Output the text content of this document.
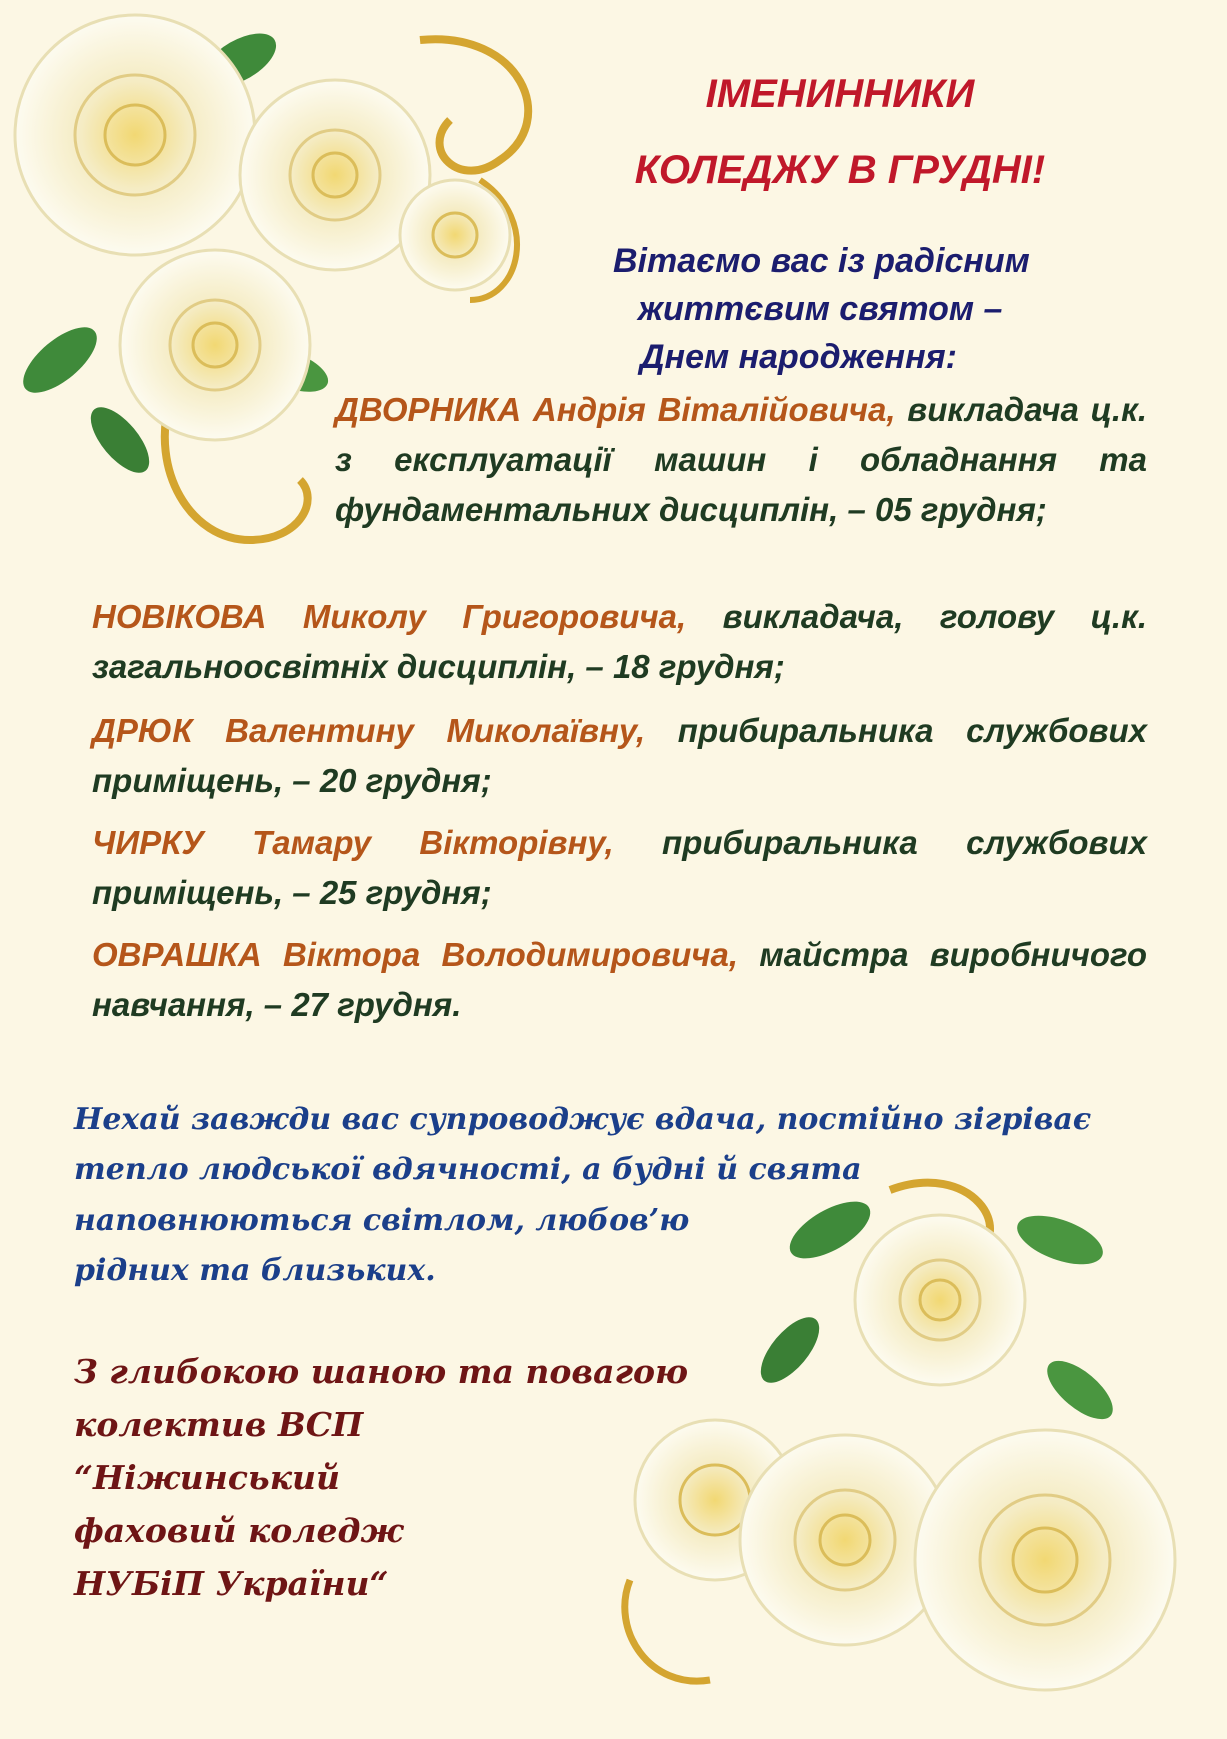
ІМЕНИННИКИ
КОЛЕДЖУ В ГРУДНІ!
Вітаємо вас із радісним
життєвим святом –
Днем народження:
ДВОРНИКА Андрія Віталійовича, викладача ц.к. з експлуатації машин і обладнання та фундаментальних дисциплін, – 05 грудня;
НОВІКОВА Миколу Григоровича, викладача, голову ц.к. загальноосвітніх дисциплін, – 18 грудня;
ДРЮК Валентину Миколаївну, прибиральника службових приміщень, – 20 грудня;
ЧИРКУ Тамару Вікторівну, прибиральника службових приміщень, – 25 грудня;
ОВРАШКА Віктора Володимировича, майстра виробничого навчання, – 27 грудня.
Нехай завжди вас супроводжує вдача, постійно зігріває
тепло людської вдячності, а будні й свята
наповнюються світлом, любов’ю
рідних та близьких.
З глибокою шаною та повагою
колектив ВСП
“Ніжинський
фаховий коледж
НУБіП України“
